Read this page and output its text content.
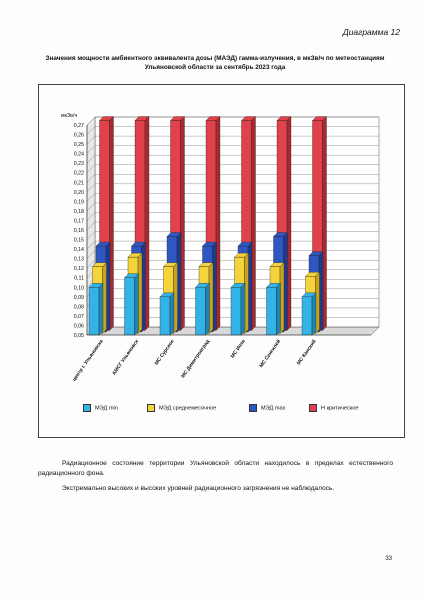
Диаграмма 12
Значения мощности амбиентного эквивалента дозы (МАЭД) гамма-излучения, в мкЗв/ч по метеостанциям Ульяновской области за сентябрь 2023 года
0,05
0,06
0,07
0,08
0,09
0,10
0,11
0,12
0,13
0,14
0,15
0,16
0,17
0,18
0,19
0,20
0,21
0,22
0,23
0,24
0,25
0,26
0,27
мкЗв/ч
центр г. Ульяновска АМСГ Ульяновск	МС Сурское МС Димитровград	МС Инза МС Сенгилей	МС Канский
МЭД min	МЭД среднемесячное	МЭД max	Н критическое
Радиационное состояние территории Ульяновской области находилось в пределах естественного радиационного фона.
Экстремально высоких и высоких уровней радиационного загрязнения не наблюдалось.
33
